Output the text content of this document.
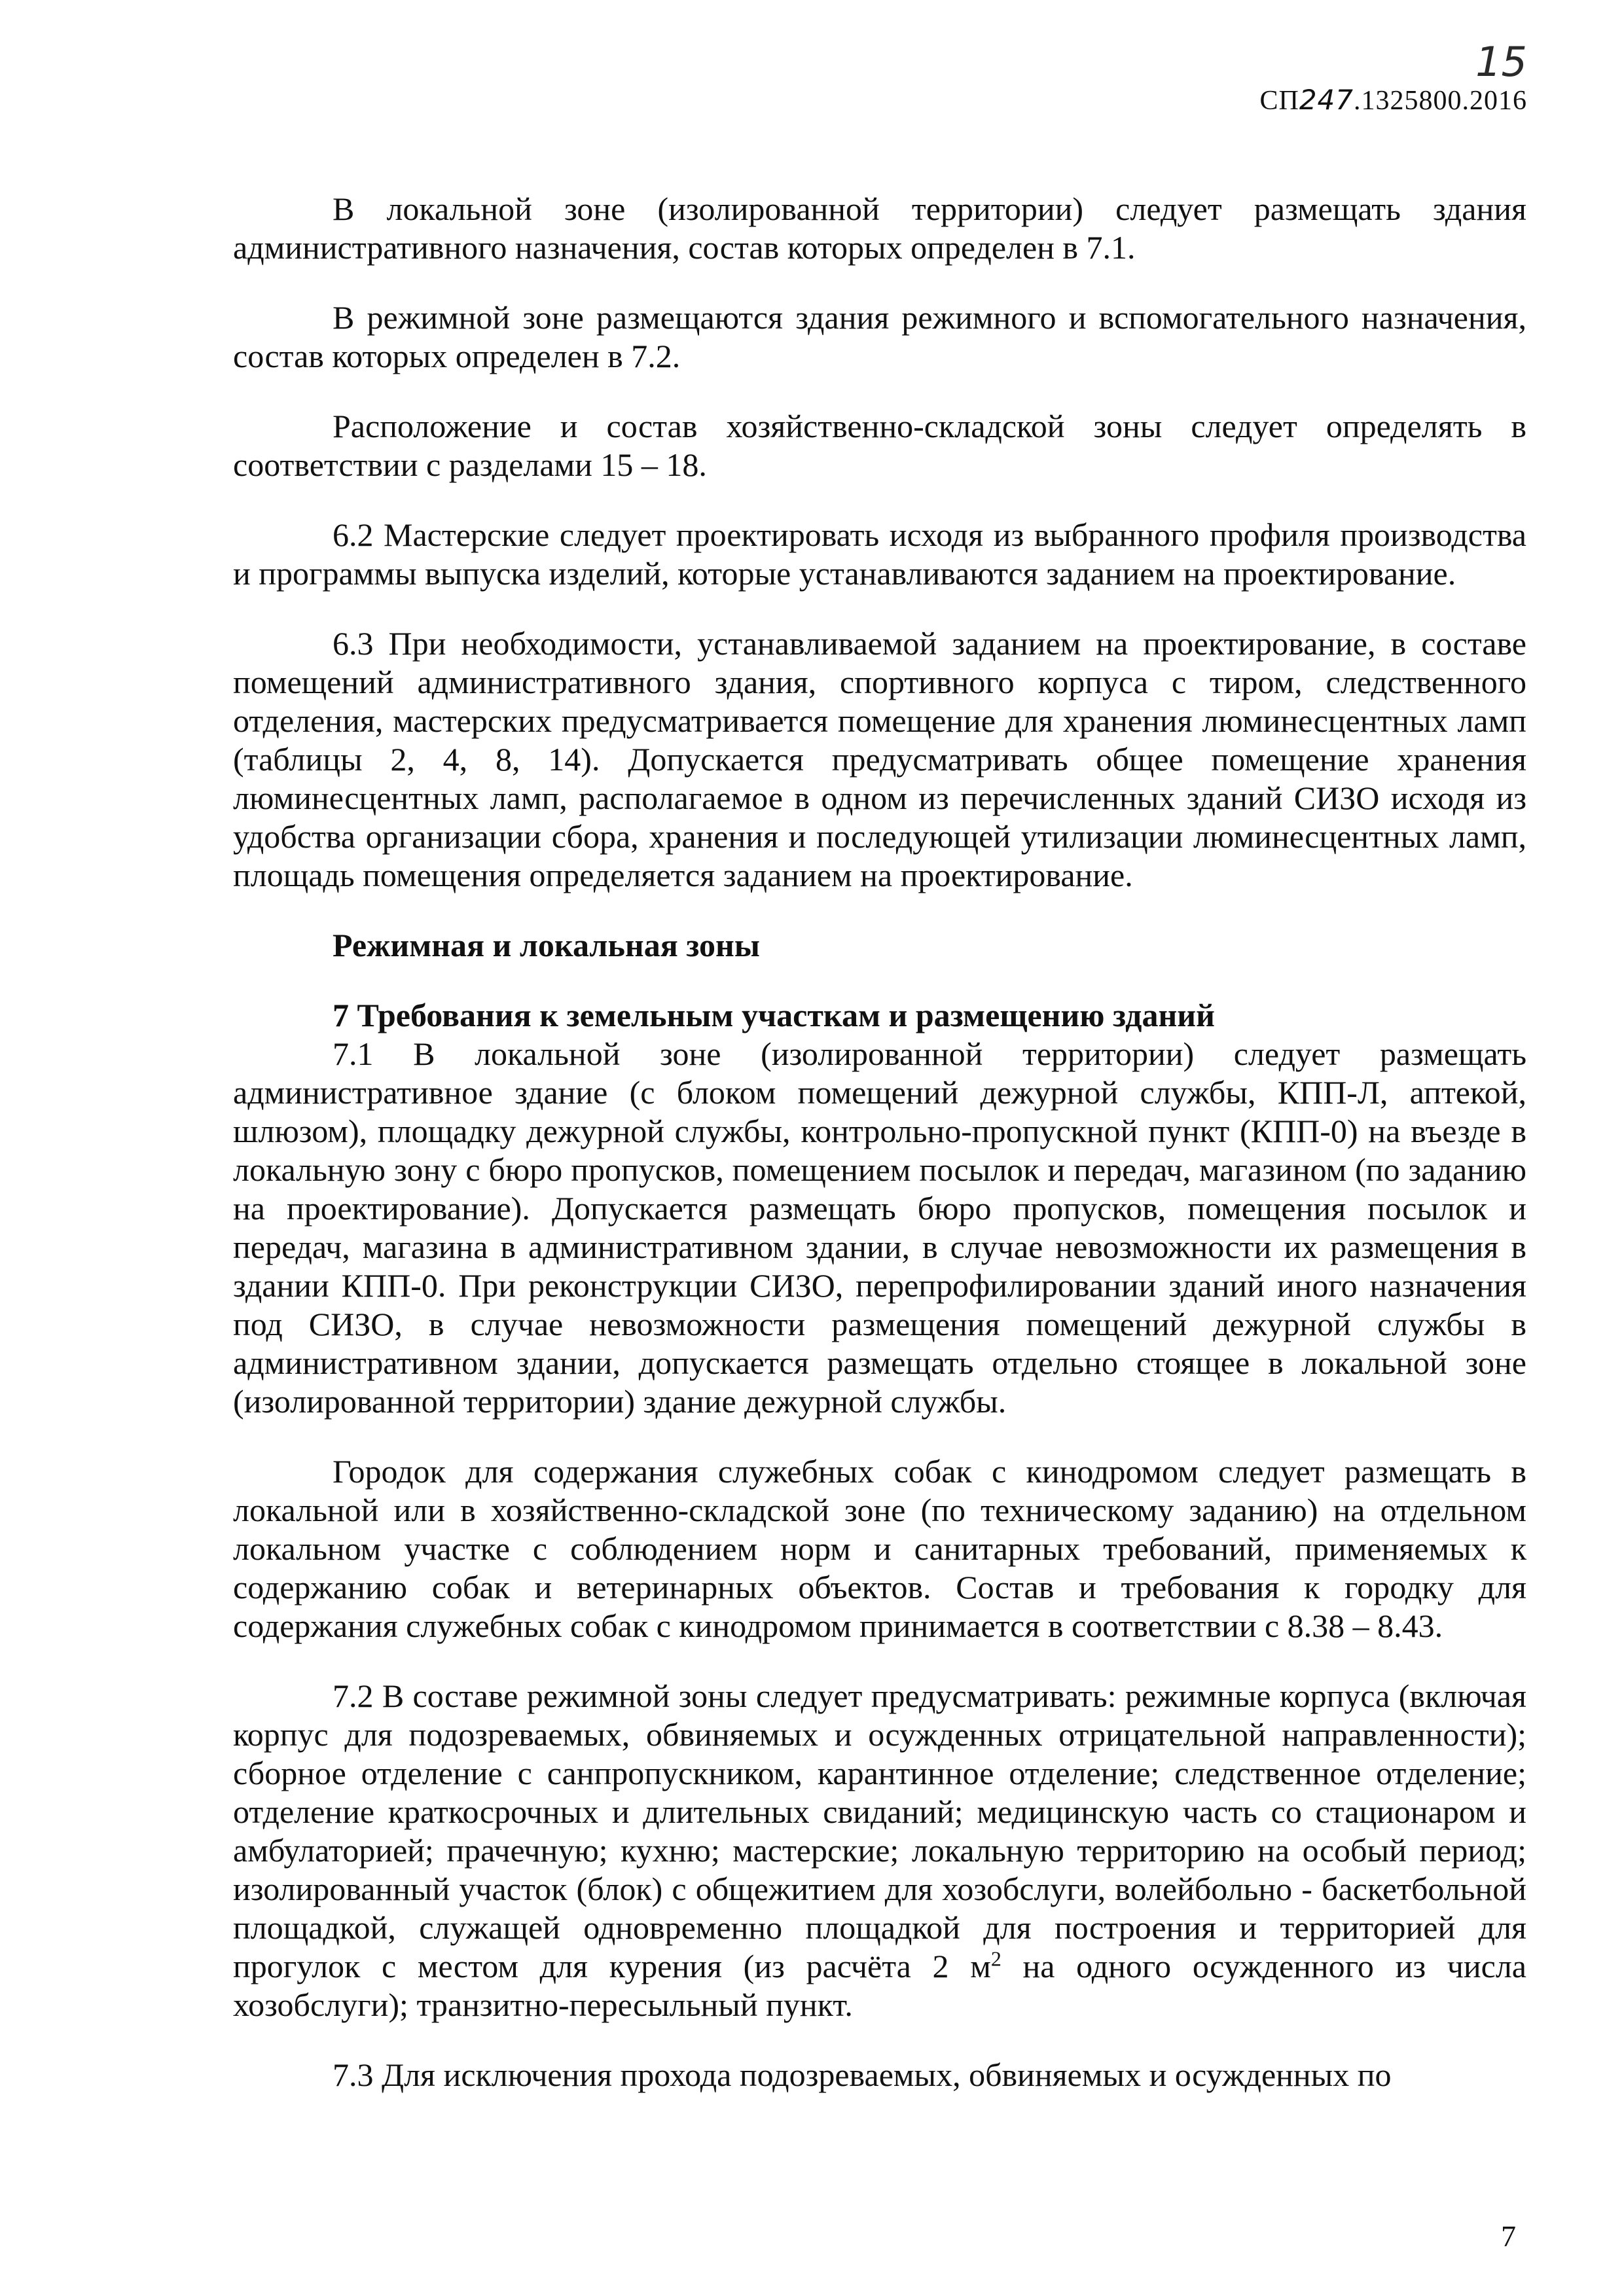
15
СП247.1325800.2016

В локальной зоне (изолированной территории) следует размещать здания административного назначения, состав которых определен в 7.1.

В режимной зоне размещаются здания режимного и вспомогательного назначения, состав которых определен в 7.2.

Расположение и состав хозяйственно-складской зоны следует определять в соответствии с разделами 15 – 18.

6.2 Мастерские следует проектировать исходя из выбранного профиля производства и программы выпуска изделий, которые устанавливаются заданием на проектирование.

6.3 При необходимости, устанавливаемой заданием на проектирование, в составе помещений административного здания, спортивного корпуса с тиром, следственного отделения, мастерских предусматривается помещение для хранения люминесцентных ламп (таблицы 2, 4, 8, 14). Допускается предусматривать общее помещение хранения люминесцентных ламп, располагаемое в одном из перечисленных зданий СИЗО исходя из удобства организации сбора, хранения и последующей утилизации люминесцентных ламп, площадь помещения определяется заданием на проектирование.

Режимная и локальная зоны
7 Требования к земельным участкам и размещению зданий

7.1 В локальной зоне (изолированной территории) следует размещать административное здание (с блоком помещений дежурной службы, КПП-Л, аптекой, шлюзом), площадку дежурной службы, контрольно-пропускной пункт (КПП-0) на въезде в локальную зону с бюро пропусков, помещением посылок и передач, магазином (по заданию на проектирование). Допускается размещать бюро пропусков, помещения посылок и передач, магазина в административном здании, в случае невозможности их размещения в здании КПП-0. При реконструкции СИЗО, перепрофилировании зданий иного назначения под СИЗО, в случае невозможности размещения помещений дежурной службы в административном здании, допускается размещать отдельно стоящее в локальной зоне (изолированной территории) здание дежурной службы.

Городок для содержания служебных собак с кинодромом следует размещать в локальной или в хозяйственно-складской зоне (по техническому заданию) на отдельном локальном участке с соблюдением норм и санитарных требований, применяемых к содержанию собак и ветеринарных объектов. Состав и требования к городку для содержания служебных собак с кинодромом принимается в соответствии с 8.38 – 8.43.

7.2 В составе режимной зоны следует предусматривать: режимные корпуса (включая корпус для подозреваемых, обвиняемых и осужденных отрицательной направленности); сборное отделение с санпропускником, карантинное отделение; следственное отделение; отделение краткосрочных и длительных свиданий; медицинскую часть со стационаром и амбулаторией; прачечную; кухню; мастерские; локальную территорию на особый период; изолированный участок (блок) с общежитием для хозобслуги, волейбольно - баскетбольной площадкой, служащей одновременно площадкой для построения и территорией для прогулок с местом для курения (из расчёта 2 $м^2$ на одного осужденного из числа хозобслуги); транзитно-пересыльный пункт.

7.3 Для исключения прохода подозреваемых, обвиняемых и осужденных по

7
